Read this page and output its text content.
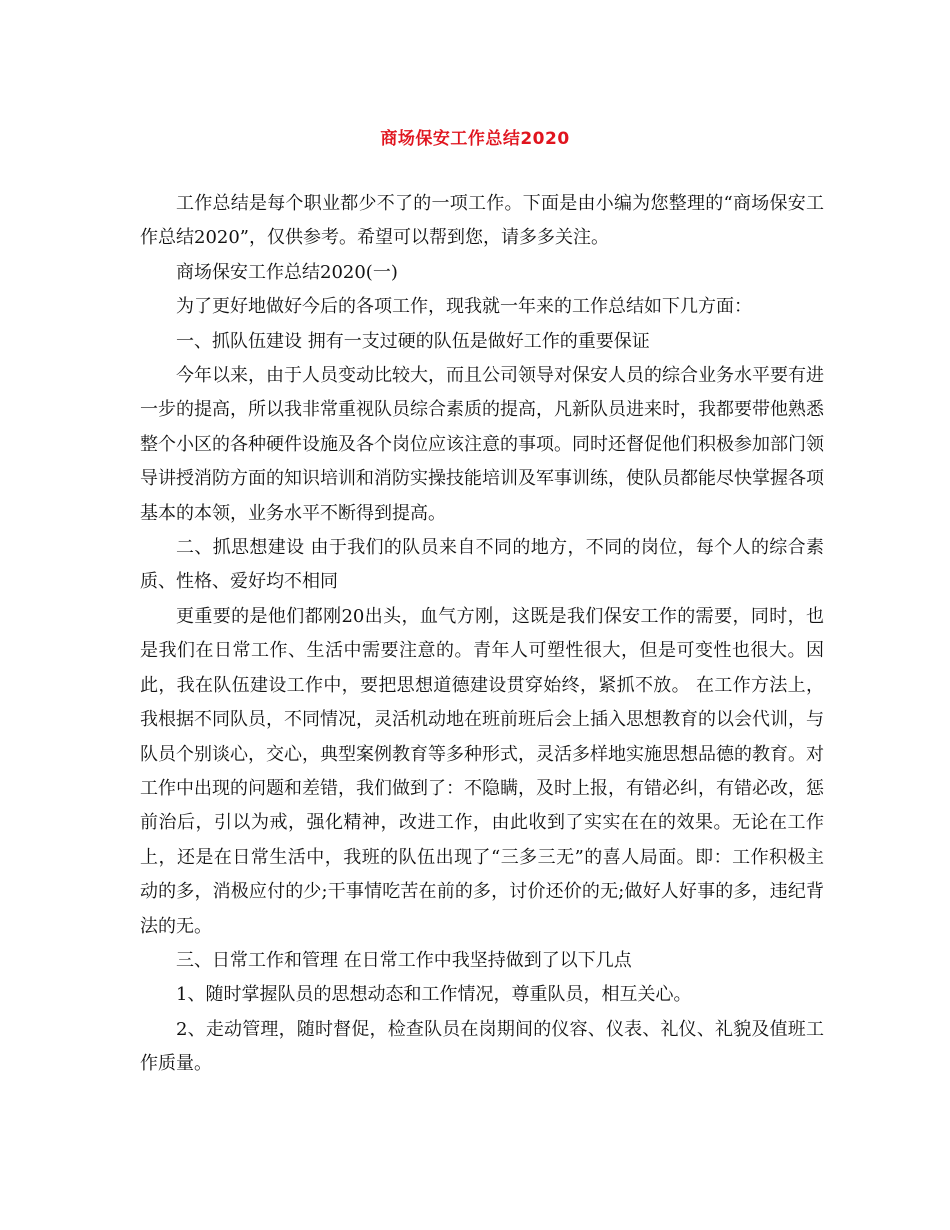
商场保安工作总结2020

工作总结是每个职业都少不了的一项工作。下面是由小编为您整理的“商场保安工作总结2020”，仅供参考。希望可以帮到您，请多多关注。

商场保安工作总结2020(一)

为了更好地做好今后的各项工作，现我就一年来的工作总结如下几方面：

一、抓队伍建设 拥有一支过硬的队伍是做好工作的重要保证

今年以来，由于人员变动比较大，而且公司领导对保安人员的综合业务水平要有进一步的提高，所以我非常重视队员综合素质的提高，凡新队员进来时，我都要带他熟悉整个小区的各种硬件设施及各个岗位应该注意的事项。同时还督促他们积极参加部门领导讲授消防方面的知识培训和消防实操技能培训及军事训练，使队员都能尽快掌握各项基本的本领，业务水平不断得到提高。

二、抓思想建设 由于我们的队员来自不同的地方，不同的岗位，每个人的综合素质、性格、爱好均不相同

更重要的是他们都刚20出头，血气方刚，这既是我们保安工作的需要，同时，也是我们在日常工作、生活中需要注意的。青年人可塑性很大，但是可变性也很大。因此，我在队伍建设工作中，要把思想道德建设贯穿始终，紧抓不放。 在工作方法上，我根据不同队员，不同情况，灵活机动地在班前班后会上插入思想教育的以会代训，与队员个别谈心，交心，典型案例教育等多种形式，灵活多样地实施思想品德的教育。对工作中出现的问题和差错，我们做到了：不隐瞒，及时上报，有错必纠，有错必改，惩前治后，引以为戒，强化精神，改进工作，由此收到了实实在在的效果。无论在工作上，还是在日常生活中，我班的队伍出现了“三多三无”的喜人局面。即：工作积极主动的多，消极应付的少;干事情吃苦在前的多，讨价还价的无;做好人好事的多，违纪背法的无。

三、日常工作和管理 在日常工作中我坚持做到了以下几点

1、随时掌握队员的思想动态和工作情况，尊重队员，相互关心。

2、走动管理，随时督促，检查队员在岗期间的仪容、仪表、礼仪、礼貌及值班工作质量。
